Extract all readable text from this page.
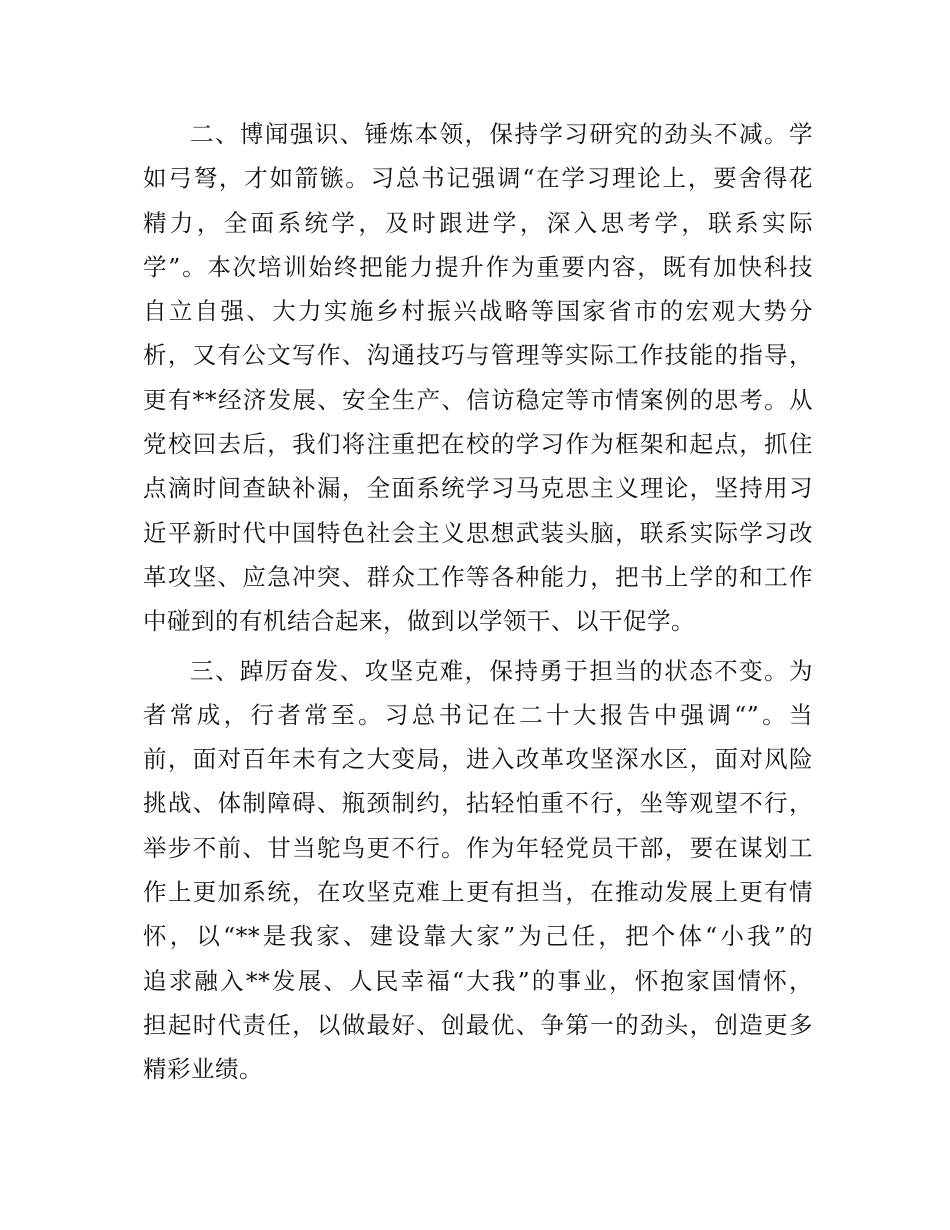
二、博闻强识、锤炼本领，保持学习研究的劲头不减。学
如弓弩，才如箭镞。习总书记强调“在学习理论上，要舍得花
精力，全面系统学，及时跟进学，深入思考学，联系实际
学”。本次培训始终把能力提升作为重要内容，既有加快科技
自立自强、大力实施乡村振兴战略等国家省市的宏观大势分
析，又有公文写作、沟通技巧与管理等实际工作技能的指导，
更有**经济发展、安全生产、信访稳定等市情案例的思考。从
党校回去后，我们将注重把在校的学习作为框架和起点，抓住
点滴时间查缺补漏，全面系统学习马克思主义理论，坚持用习
近平新时代中国特色社会主义思想武装头脑，联系实际学习改
革攻坚、应急冲突、群众工作等各种能力，把书上学的和工作
中碰到的有机结合起来，做到以学领干、以干促学。
三、踔厉奋发、攻坚克难，保持勇于担当的状态不变。为
者常成，行者常至。习总书记在二十大报告中强调“”。当
前，面对百年未有之大变局，进入改革攻坚深水区，面对风险
挑战、体制障碍、瓶颈制约，拈轻怕重不行，坐等观望不行，
举步不前、甘当鸵鸟更不行。作为年轻党员干部，要在谋划工
作上更加系统，在攻坚克难上更有担当，在推动发展上更有情
怀，以“**是我家、建设靠大家”为己任，把个体“小我”的
追求融入**发展、人民幸福“大我”的事业，怀抱家国情怀，
担起时代责任，以做最好、创最优、争第一的劲头，创造更多
精彩业绩。
